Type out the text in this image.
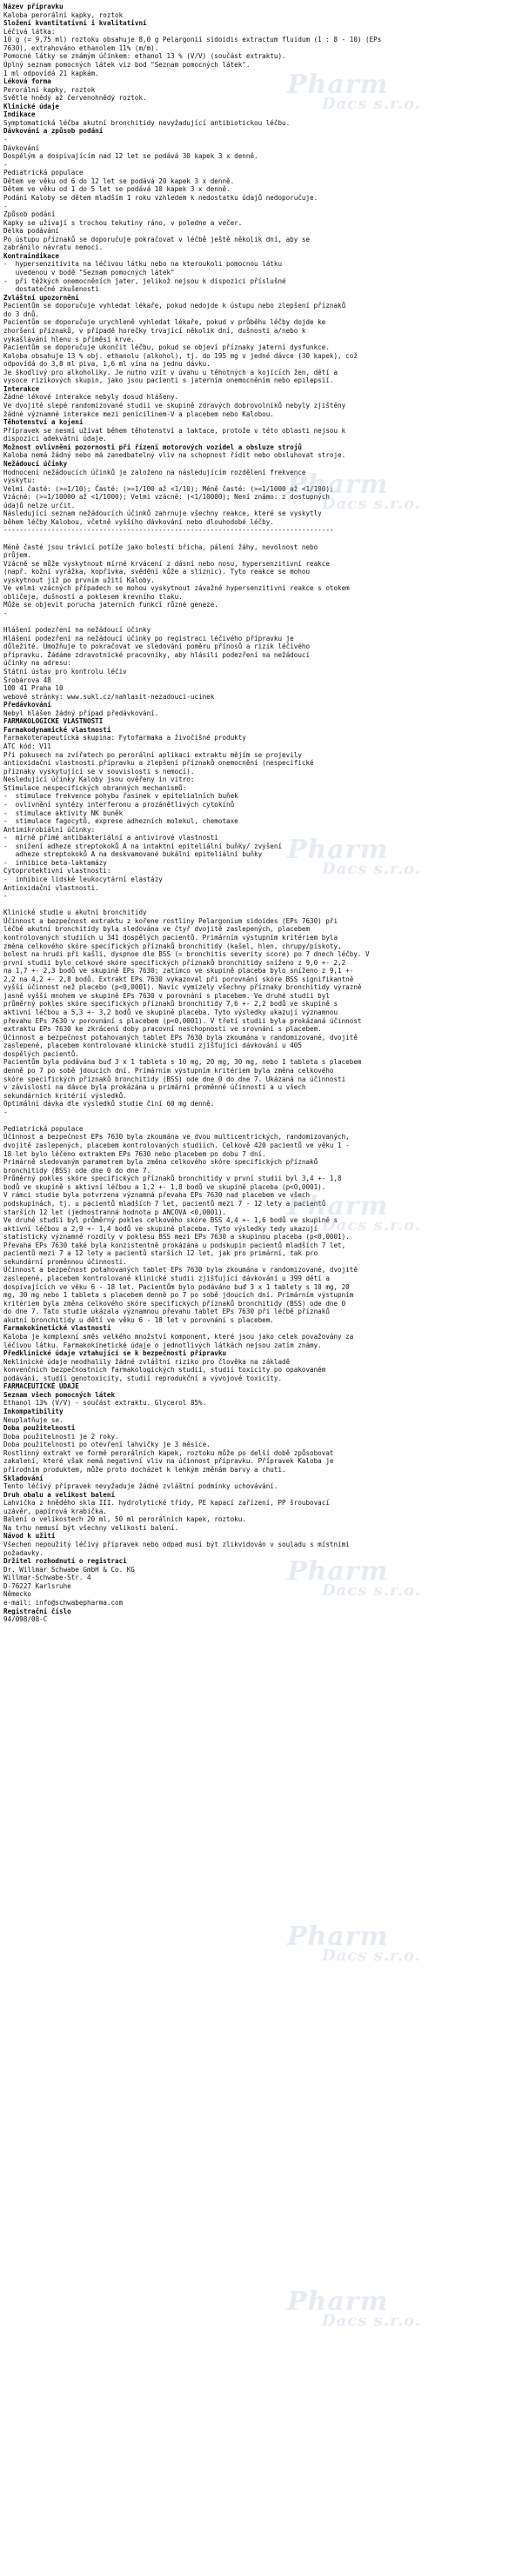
Název přípravku
Kaloba perorální kapky, roztok
Složení kvantitativní i kvalitativní
Léčivá látka:
10 g (= 9,75 ml) roztoku obsahuje 8,0 g Pelargonii sidoidis extractum fluidum (1 : 8 - 10) (EPs
7630), extrahováno ethanolem 11% (m/m).
Pomocné látky se známým účinkem: ethanol 13 % (V/V) (součást extraktu).
Úplný seznam pomocných látek viz bod "Seznam pomocných látek".
1 ml odpovídá 21 kapkám.
Léková forma
Perorální kapky, roztok
Světle hnědý až červenohnědý roztok.
Klinické údaje
Indikace
Symptomatická léčba akutní bronchitidy nevyžadující antibiotickou léčbu.
Dávkování a způsob podání
-
Dávkování
Dospělým a dospívajícím nad 12 let se podává 30 kapek 3 x denně.
-
Pediatrická populace
Dětem ve věku od 6 do 12 let se podává 20 kapek 3 x denně.
Dětem ve věku od 1 do 5 let se podává 10 kapek 3 x denně.
Podání Kaloby se dětem mladším 1 roku vzhledem k nedostatku údajů nedoporučuje.
-
Způsob podání
Kapky se užívají s trochou tekutiny ráno, v poledne a večer.
Délka podávání
Po ústupu příznaků se doporučuje pokračovat v léčbě ještě několik dní, aby se
zabránilo návratu nemoci.
Kontraindikace
-  hypersenzitivita na léčivou látku nebo na kteroukoli pomocnou látku
uvedenou v bodě "Seznam pomocných látek"
-  při těžkých onemocněních jater, jelikož nejsou k dispozici příslušné
dostatečné zkušenosti
Zvláštní upozornění
Pacientům se doporučuje vyhledat lékaře, pokud nedojde k ústupu nebo zlepšení příznaků
do 3 dnů.
Pacientům se doporučuje urychleně vyhledat lékaře, pokud v průběhu léčby dojde ke
zhoršení příznaků, v případě horečky trvající několik dní, dušnosti a/nebo k
vykašlávání hlenu s příměsí krve.
Pacientům se doporučuje ukončit léčbu, pokud se objeví příznaky jaterní dysfunkce.
Kaloba obsahuje 13 % obj. ethanolu (alkohol), tj. do 195 mg v jedné dávce (30 kapek), což
odpovídá do 3,8 ml piva, 1,6 ml vína na jednu dávku.
Je škodlivý pro alkoholiky. Je nutno vzít v úvahu u těhotných a kojících žen, dětí a
vysoce rizikových skupin, jako jsou pacienti s jaterním onemocněním nebo epilepsií.
Interakce
Žádné lékové interakce nebyly dosud hlášeny.
Ve dvojitě slepé randomizované studii ve skupině zdravých dobrovolníků nebyly zjištěny
žádné významné interakce mezi penicilinem-V a placebem nebo Kalobou.
Těhotenství a kojení
Přípravek se nesmí užívat během těhotenství a laktace, protože v této oblasti nejsou k
dispozici adekvátní údaje.
Možnost ovlivnění pozornosti při řízení motorových vozidel a obsluze strojů
Kaloba nemá žádný nebo má zanedbatelný vliv na schopnost řídit nebo obsluhovat stroje.
Nežádoucí účinky
Hodnocení nežádoucích účinků je založeno na následujícím rozdělení frekvence
výskytu:
Velmi časté: (>=1/10); Časté: (>=1/100 až <1/10); Méně časté: (>=1/1000 až <1/100);
Vzácné: (>=1/10000 až <1/1000); Velmi vzácné: (<1/10000); Není známo: z dostupných
údajů nelze určit.
Následující seznam nežádoucích účinků zahrnuje všechny reakce, které se vyskytly
během léčby Kalobou, včetně vyššího dávkování nebo dlouhodobé léčby.
-----------------------------------------------------------------------------------
Méně časté jsou trávicí potíže jako bolesti břicha, pálení žáhy, nevolnost nebo
průjem.
Vzácně se může vyskytnout mírné krvácení z dásní nebo nosu, hypersenzitivní reakce
(např. kožní vyrážka, kopřivka, svědění kůže a sliznic). Tyto reakce se mohou
vyskytnout již po prvním užití Kaloby.
Ve velmi vzácných případech se mohou vyskytnout závažné hypersenzitivní reakce s otokem
obličeje, dušností a poklesem krevního tlaku.
Může se objevit porucha jaterních funkcí různé geneze.
-
Hlášení podezření na nežádoucí účinky
Hlášení podezření na nežádoucí účinky po registraci léčivého přípravku je
důležité. Umožňuje to pokračovat ve sledování poměru přínosů a rizik léčivého
přípravku. Žádáme zdravotnické pracovníky, aby hlásili podezření na nežádoucí
účinky na adresu:
Státní ústav pro kontrolu léčiv
Šrobárova 48
100 41 Praha 10
webové stránky: www.sukl.cz/nahlasit-nezadouci-ucinek
Předávkování
Nebyl hlášen žádný případ předávkování.
FARMAKOLOGICKÉ VLASTNOSTI
Farmakodynamické vlastnosti
Farmakoterapeutická skupina: Fytofarmaka a živočišné produkty
ATC kód: V11
Při pokusech na zvířatech po perorální aplikaci extraktu mějím se projevily
antioxidační vlastnosti přípravku a zlepšení příznaků onemocnění (nespecifické
příznaky vyskytující se v souvislosti s nemocí).
Nesledující účinky Kaloby jsou ověřeny in vitro:
Stimulace nespecifických obranných mechanismů:
-  stimulace frekvence pohybu řasinek v epitelialních buňek
-  ovlivnění syntézy interferonu a prozánětlivých cytokinů
-  stimulace aktivity NK buněk
-  stimulace fagocytů, exprese adhezních molekul, chemotaxe
Antimikrobiální účinky:
-  mírně přímé antibakteriální a antivirové vlastnosti
-  snížení adheze streptokoků A na intaktní epiteliální buňky/ zvýšení
adheze streptokoků A na deskvamované bukální epiteliální buňky
-  inhibice beta-laktamázy
Cytoprotektivní vlastnosti:
-  inhibice lidské leukocytární elastázy
Antioxidační vlastnosti.
-
Klinické studie u akutní bronchitidy
Účinnost a bezpečnost extraktu z kořene rostliny Pelargonium sidoides (EPs 7630) při
léčbě akutní bronchitidy byla sledována ve čtyř dvojitě zaslepených, placebem
kontrolovaných studiích u 341 dospělých pacientů. Primárním výstupním kritériem byla
změna celkového skóre specifických příznaků bronchitidy (kašel, hlen, chrupy/pískoty,
bolest na hrudi při kašli, dyspnoe dle BSS (= bronchitis severity score) po 7 dnech léčby. V
první studii bylo celkové skóre specifických příznaků bronchitidy sníženo z 9,0 +- 2,2
na 1,7 +- 2,3 bodů ve skupině EPs 7630; zatímco ve skupině placeba bylo sníženo z 9,1 +-
2,2 na 4,2 +- 2,8 bodů. Extrakt EPs 7630 vykazoval při porovnání skóre BSS signifikantně
vyšší účinnost než placebo (p<0,0001). Navíc vymizely všechny příznaky bronchitidy výrazně
jasně vyšší mnohem ve skupině EPs 7630 v porovnání s placebem. Ve druhé studii byl
průměrný pokles skóre specifických příznaků bronchitidy 7,6 +- 2,2 bodů ve skupině s
aktivní léčbou a 5,3 +- 3,2 bodů ve skupině placeba. Tyto výsledky ukazují významnou
převahu EPs 7630 v porovnání s placebem (p<0,0001). V třetí studii byla prokázaná účinnost
extraktu EPs 7630 ke zkrácení doby pracovní neschopnosti ve srovnání s placebem.
Účinnost a bezpečnost potahovaných tablet EPs 7630 byla zkoumána v randomizované, dvojitě
zaslepené, placebem kontrolované klinické studii zjišťující dávkování u 405
dospělých pacientů.
Pacientům byla podávána buď 3 x 1 tableta s 10 mg, 20 mg, 30 mg, nebo 1 tableta s placebem
denně po 7 po sobě jdoucích dní. Primárním výstupním kritériem byla změna celkového
skóre specifických příznaků bronchitidy (BSS) ode dne 0 do dne 7. Ukázaná na účinnosti
v závislosti na dávce byla prokázána u primární proměnné účinnosti a u všech
sekundárních kritérií výsledků.
Optimální dávka dle výsledků studie činí 60 mg denně.
-
Pediatrická populace
Účinnost a bezpečnost EPs 7630 byla zkoumána ve dvou multicentrických, randomizovaných,
dvojitě zaslepených, placebem kontrolovaných studiích. Celkově 420 pacientů ve věku 1 -
18 let bylo léčeno extraktem EPs 7630 nebo placebem po dobu 7 dní.
Primárně sledovaným parametrem byla změna celkového skóre specifických příznaků
bronchitidy (BSS) ode dne 0 do dne 7.
Průměrný pokles skóre specifických příznaků bronchitidy v první studii byl 3,4 +- 1,8
bodů ve skupině s aktivní léčbou a 1,2 +- 1,8 bodů ve skupině placeba (p<0,0001).
V rámci studie byla potvrzena významná převaha EPs 7630 nad placebem ve všech
podskupinách, tj. u pacientů mladších 7 let, pacientů mezi 7 - 12 lety a pacientů
starších 12 let (jednostranná hodnota p ANCOVA <0,0001).
Ve druhé studii byl průměrný pokles celkového skóre BSS 4,4 +- 1,6 bodů ve skupině s
aktivní léčbou a 2,9 +- 1,4 bodů ve skupině placeba. Tyto výsledky tedy ukazují
statisticky významné rozdíly v poklesu BSS mezi EPs 7630 a skupinou placeba (p<0,0001).
Převaha EPs 7630 také byla konzistentně prokázána u podskupin pacientů mladších 7 let,
pacientů mezi 7 a 12 lety a pacientů starších 12 let, jak pro primární, tak pro
sekundární proměnnou účinnosti.
Účinnost a bezpečnost potahovaných tablet EPs 7630 byla zkoumána v randomizované, dvojitě
zaslepené, placebem kontrolované klinické studii zjišťující dávkování u 399 dětí a
dospívajících ve věku 6 - 18 let. Pacientům bylo podáváno buď 3 x 1 tablety s 10 mg, 20
mg, 30 mg nebo 1 tableta s placebem denně po 7 po sobě jdoucích dní. Primárním výstupním
kritériem byla změna celkového skóre specifických příznaků bronchitidy (BSS) ode dne 0
do dne 7. Tato studie ukázala významnou převahu tablet EPs 7630 při léčbě příznaků
akutní bronchitidy u dětí ve věku 6 - 18 let v porovnání s placebem.
Farmakokinetické vlastnosti
Kaloba je komplexní směs velkého množství komponent, které jsou jako celek považovány za
léčivou látku. Farmakokinetické údaje o jednotlivých látkách nejsou zatím známy.
Předklinické údaje vztahující se k bezpečnosti přípravku
Neklinické údaje neodhalily žádné zvláštní riziko pro člověka na základě
konvenčních bezpečnostních farmakologických studií, studií toxicity po opakovaném
podávání, studií genotoxicity, studií reprodukční a vývojové toxicity.
FARMACEUTICKÉ ÚDAJE
Seznam všech pomocných látek
Ethanol 13% (V/V) - součást extraktu. Glycerol 85%.
Inkompatibility
Neuplatňuje se.
Doba použitelnosti
Doba použitelnosti je 2 roky.
Doba použitelnosti po otevření lahvičky je 3 měsíce.
Rostlinný extrakt ve formě perorálních kapek, roztoku může po delší době způsobovat
zakalení, které však nemá negativní vliv na účinnost přípravku. Přípravek Kaloba je
přírodním produktem, může proto docházet k lehkým změnám barvy a chuti.
Skladování
Tento léčivý přípravek nevyžaduje žádné zvláštní podmínky uchovávání.
Druh obalu a velikost balení
Lahvička z hnědého skla III. hydrolytické třídy, PE kapací zařízení, PP šroubovací
uzávěr, papírová krabička.
Balení o velikostech 20 ml, 50 ml perorálních kapek, roztoku.
Na trhu nemusí být všechny velikosti balení.
Návod k užití
Všechen nepoužitý léčivý přípravek nebo odpad musí být zlikvidován v souladu s místními
požadavky.
Držitel rozhodnutí o registraci
Dr. Willmar Schwabe GmbH & Co. KG
Willmar-Schwabe-Str. 4
D-76227 Karlsruhe
Německo
e-mail: info@schwabepharma.com
Registrační číslo
94/098/08-C
Pharm
Dacs s.r.o.
Pharm
Dacs s.r.o.
Pharm
Dacs s.r.o.
Pharm
Dacs s.r.o.
Pharm
Dacs s.r.o.
Pharm
Dacs s.r.o.
Pharm
Dacs s.r.o.
